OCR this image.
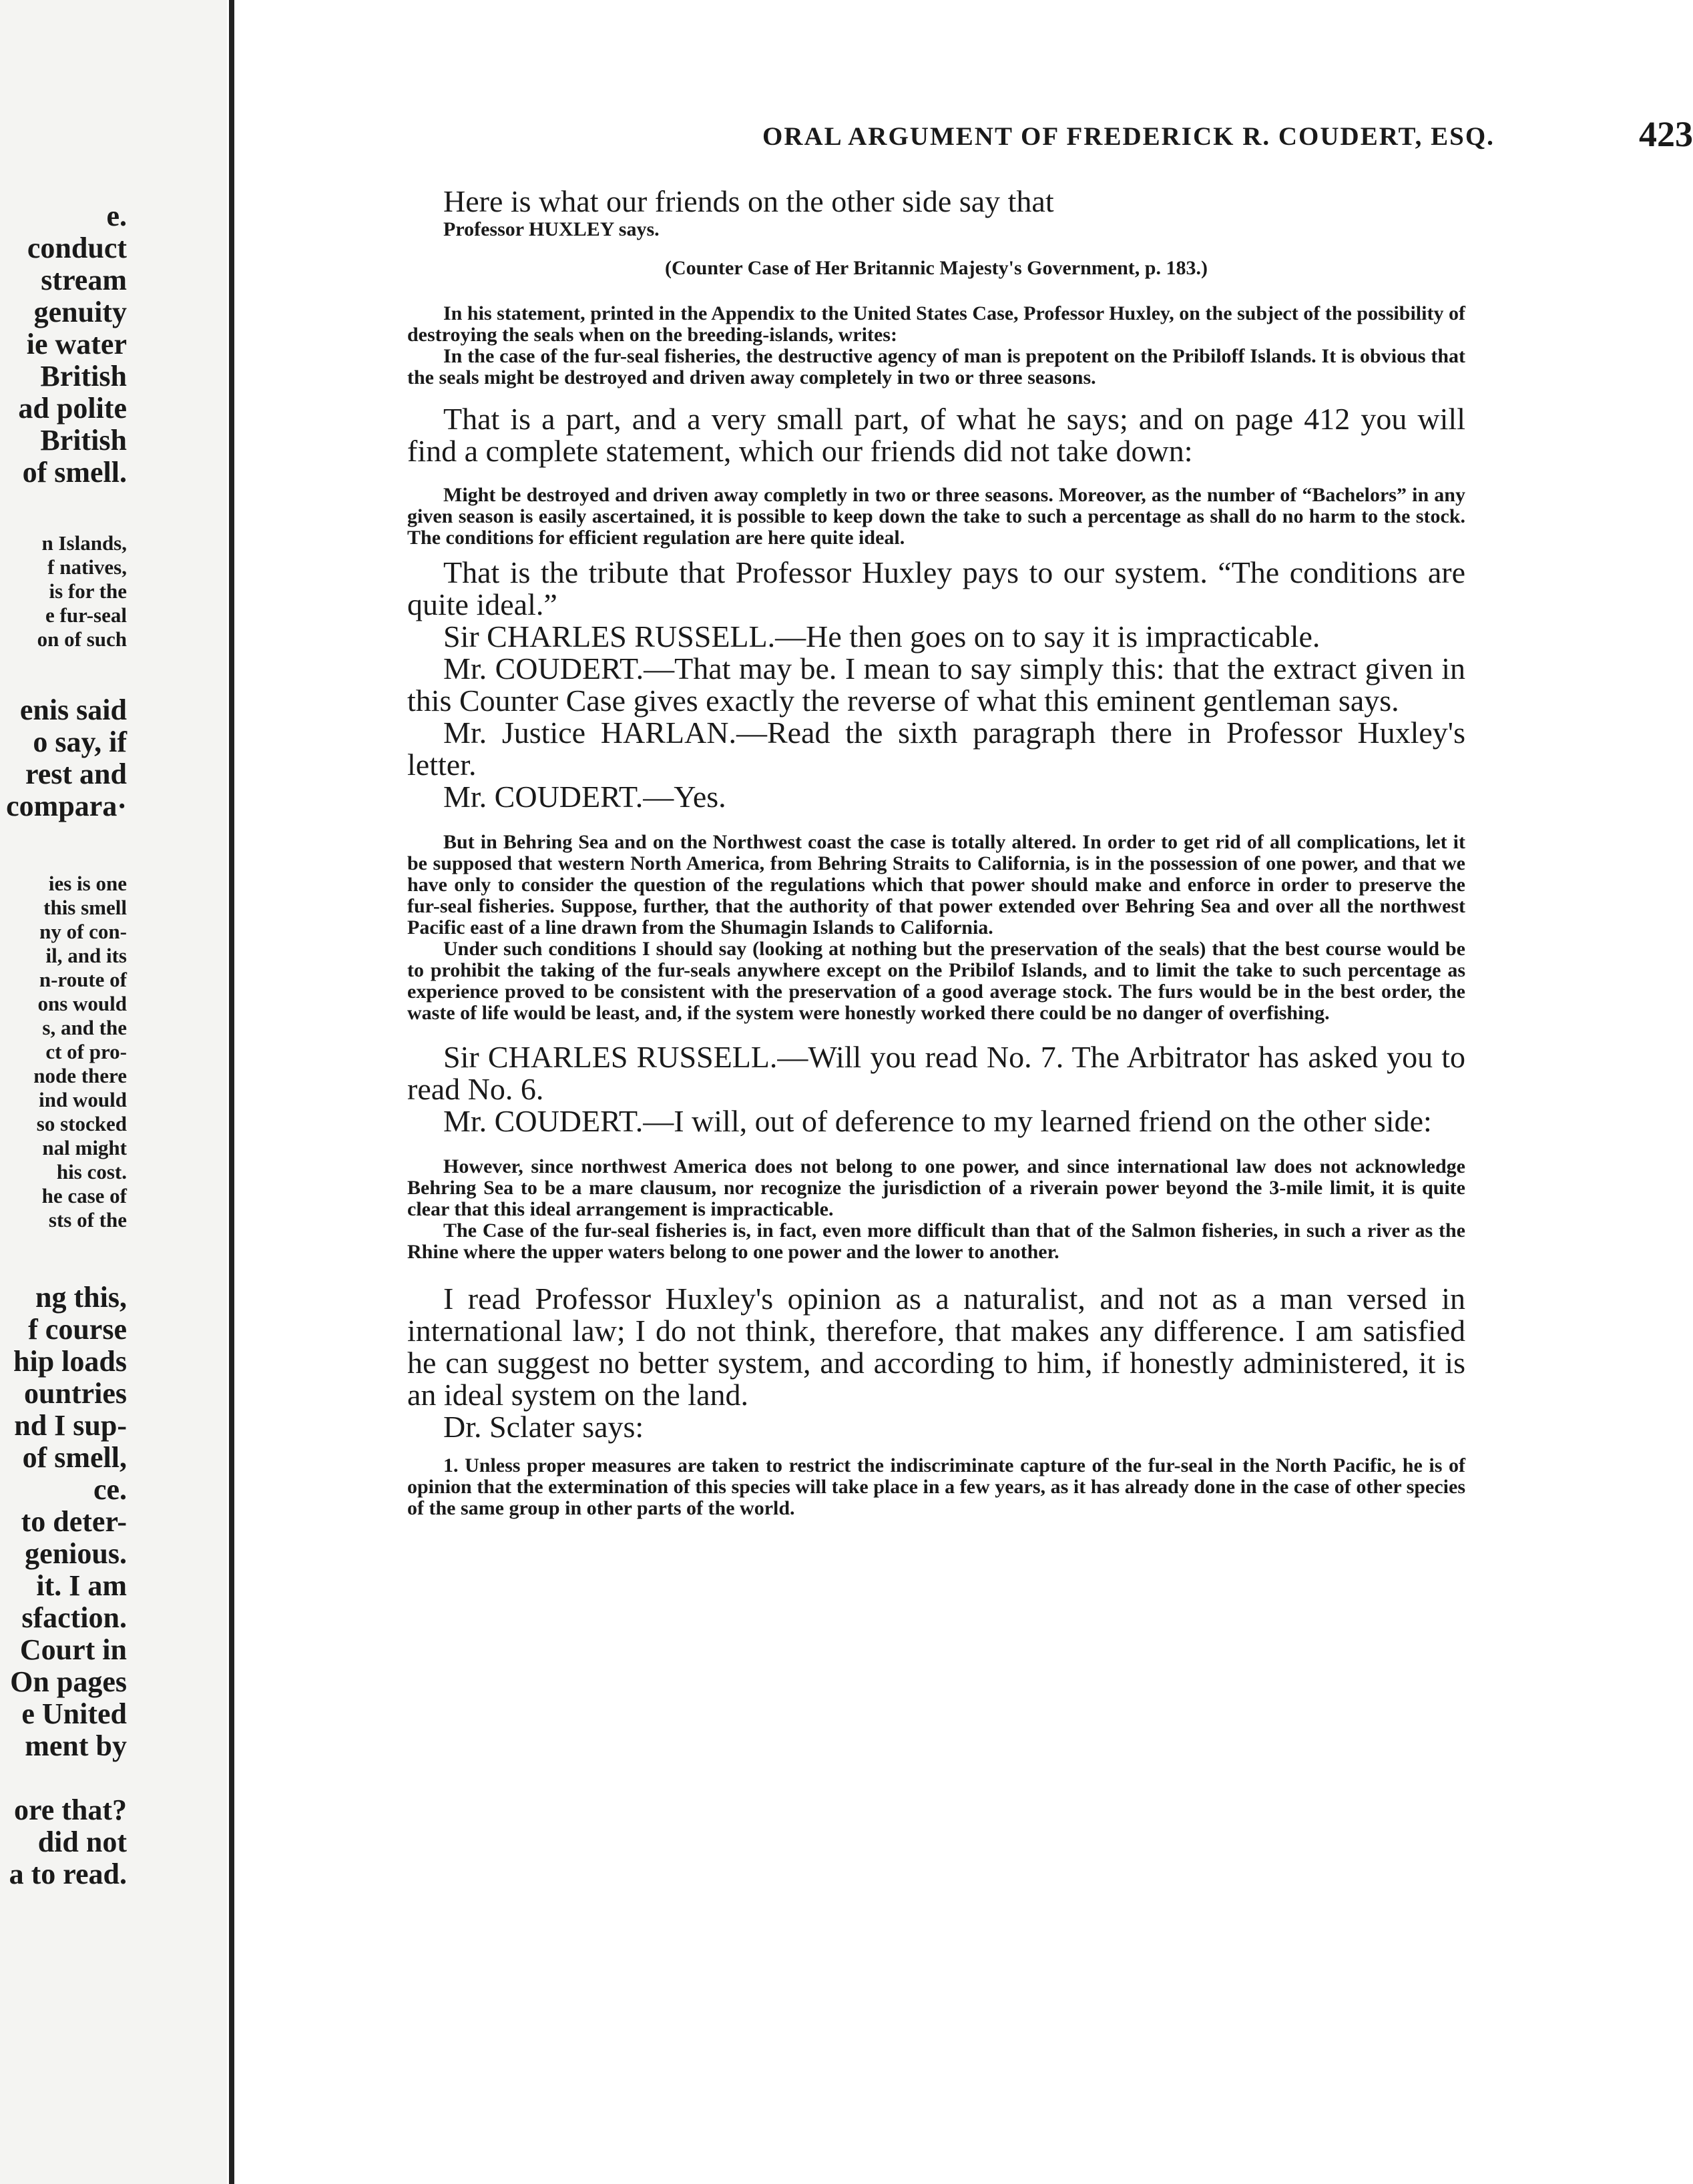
e.
conduct
stream
genuity
ie water
British
ad polite
British
of smell.
n Islands,
f natives,
is for the
e fur-seal
on of such
enis said
o say, if
rest and
compara·
ies is one
this smell
ny of con-
il, and its
n-route of
ons would
s, and the
ct of pro-
node there
ind would
so stocked
nal might
his cost.
he case of
sts of the
ng this,
f course
hip loads
ountries
nd I sup-
of smell,
ce.
to deter-
genious.
it. I am
sfaction.
Court in
On pages
e United
ment by
ore that?
did not
a to read.
ORAL ARGUMENT OF FREDERICK R. COUDERT, ESQ.	423

Here is what our friends on the other side say that

Professor HUXLEY says.

(Counter Case of Her Britannic Majesty's Government, p. 183.)

In his statement, printed in the Appendix to the United States Case, Professor Huxley, on the subject of the possibility of destroying the seals when on the breeding-islands, writes:

In the case of the fur-seal fisheries, the destructive agency of man is prepotent on the Pribiloff Islands. It is obvious that the seals might be destroyed and driven away completely in two or three seasons.

That is a part, and a very small part, of what he says; and on page 412 you will find a complete statement, which our friends did not take down:

Might be destroyed and driven away completly in two or three seasons. Moreover, as the number of “Bachelors” in any given season is easily ascertained, it is possible to keep down the take to such a percentage as shall do no harm to the stock. The conditions for efficient regulation are here quite ideal.

That is the tribute that Professor Huxley pays to our system. “The conditions are quite ideal.”

Sir CHARLES RUSSELL.—He then goes on to say it is impracticable.

Mr. COUDERT.—That may be. I mean to say simply this: that the extract given in this Counter Case gives exactly the reverse of what this eminent gentleman says.

Mr. Justice HARLAN.—Read the sixth paragraph there in Professor Huxley's letter.

Mr. COUDERT.—Yes.

But in Behring Sea and on the Northwest coast the case is totally altered. In order to get rid of all complications, let it be supposed that western North America, from Behring Straits to California, is in the possession of one power, and that we have only to consider the question of the regulations which that power should make and enforce in order to preserve the fur-seal fisheries. Suppose, further, that the authority of that power extended over Behring Sea and over all the northwest Pacific east of a line drawn from the Shumagin Islands to California.

Under such conditions I should say (looking at nothing but the preservation of the seals) that the best course would be to prohibit the taking of the fur-seals anywhere except on the Pribilof Islands, and to limit the take to such percentage as experience proved to be consistent with the preservation of a good average stock. The furs would be in the best order, the waste of life would be least, and, if the system were honestly worked there could be no danger of overfishing.

Sir CHARLES RUSSELL.—Will you read No. 7. The Arbitrator has asked you to read No. 6.

Mr. COUDERT.—I will, out of deference to my learned friend on the other side:

However, since northwest America does not belong to one power, and since international law does not acknowledge Behring Sea to be a mare clausum, nor recognize the jurisdiction of a riverain power beyond the 3-mile limit, it is quite clear that this ideal arrangement is impracticable.

The Case of the fur-seal fisheries is, in fact, even more difficult than that of the Salmon fisheries, in such a river as the Rhine where the upper waters belong to one power and the lower to another.

I read Professor Huxley's opinion as a naturalist, and not as a man versed in international law; I do not think, therefore, that makes any difference. I am satisfied he can suggest no better system, and according to him, if honestly administered, it is an ideal system on the land.

Dr. Sclater says:

1. Unless proper measures are taken to restrict the indiscriminate capture of the fur-seal in the North Pacific, he is of opinion that the extermination of this species will take place in a few years, as it has already done in the case of other species of the same group in other parts of the world.
